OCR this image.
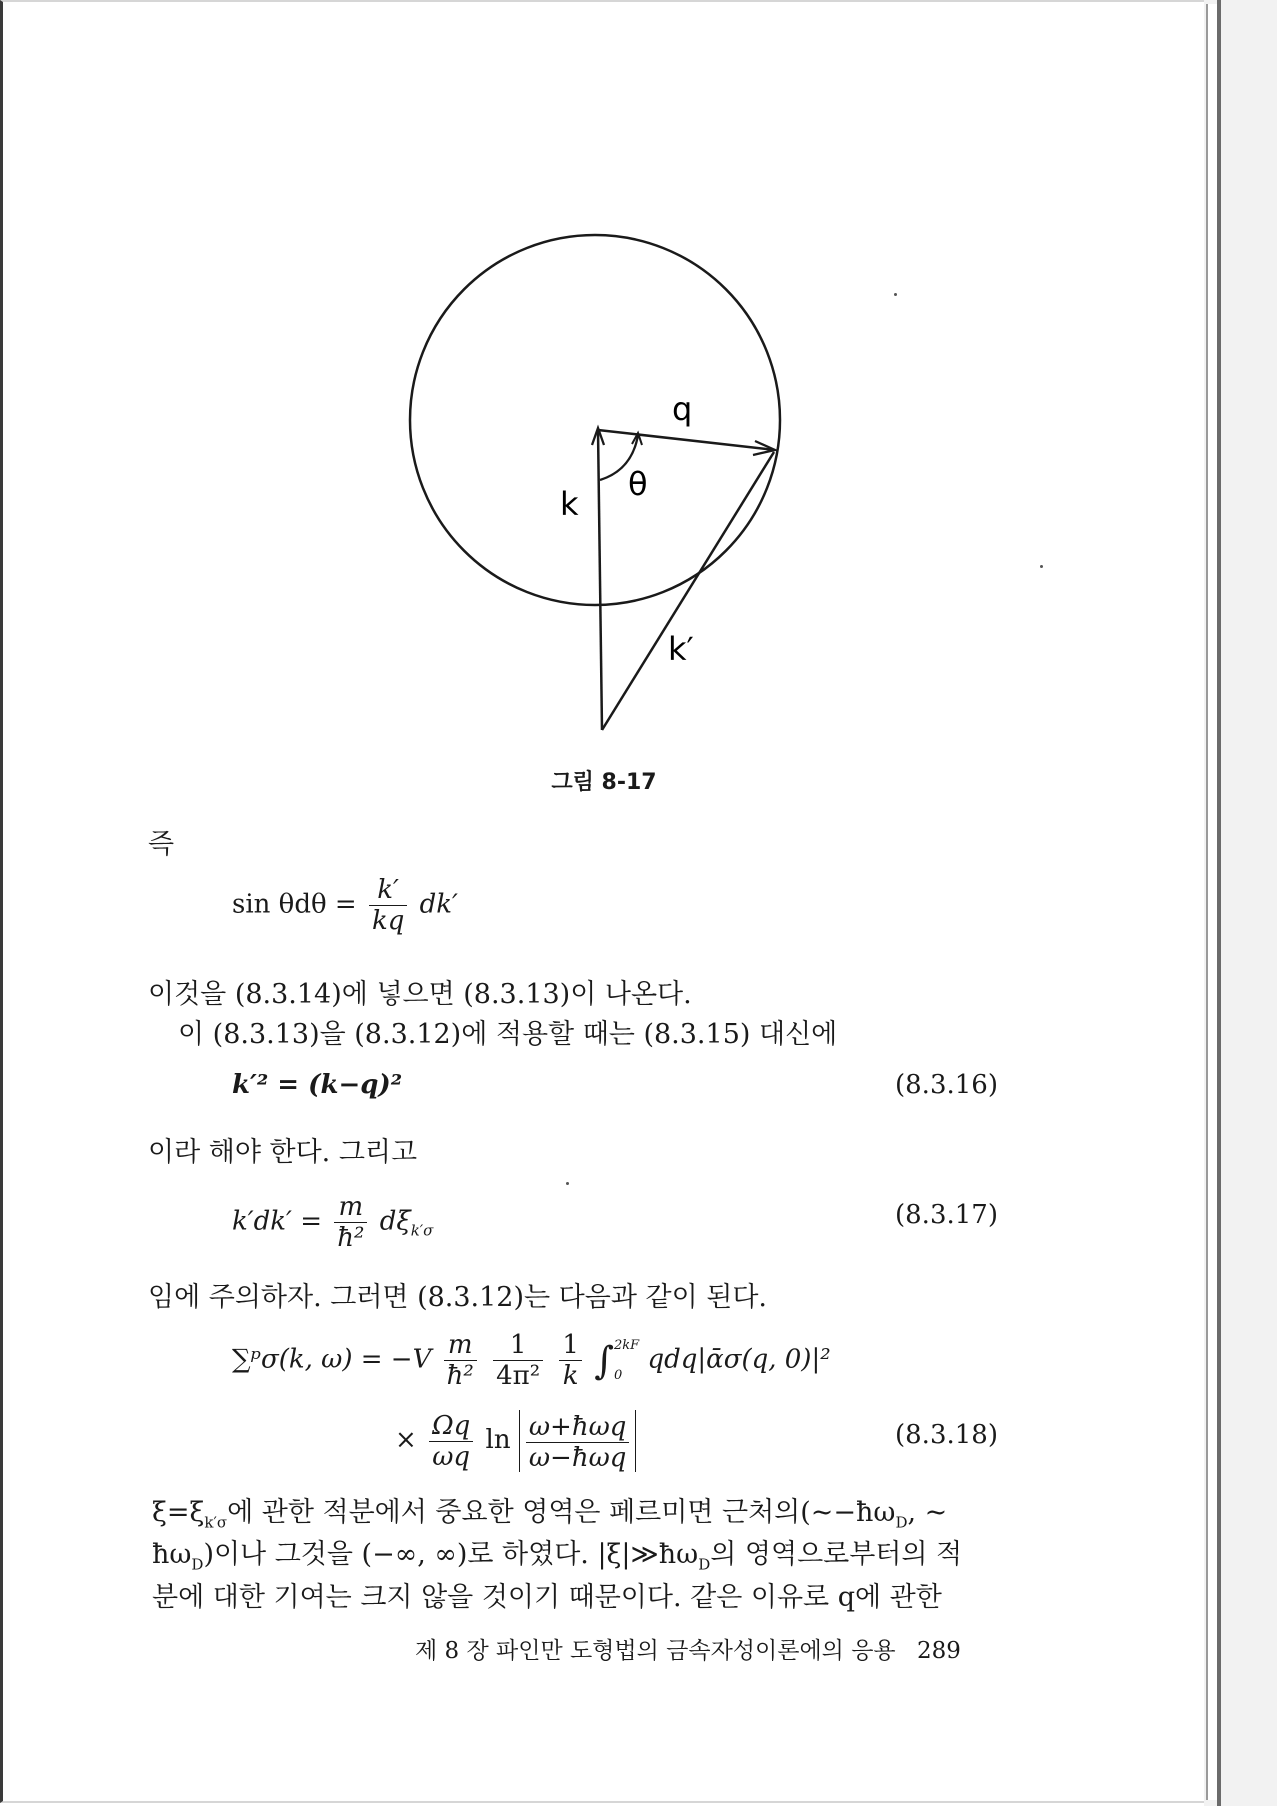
q
k
θ
k′
그림 8-17
즉
$\sin \theta d\theta = \frac{k'}{kq} dk'$
이것을 (8.3.14)에 넣으면 (8.3.13)이 나온다.
이 (8.3.13)을 (8.3.12)에 적용할 때는 (8.3.15) 대신에
k′² = (k−q)²	(8.3.16)
이라 해야 한다. 그리고
$k'dk' = \frac{m}{\text{ħ²}} d\xi_{k'\sigma}$
(8.3.17)
임에 주의하자. 그러면 (8.3.12)는 다음과 같이 된다.
∑ᵖσ(k, $\omega) = -V \frac{m}{\text{ħ²}}$
$\frac{1}{\text{4π²}}$
$\frac{1}{k}$ ∫ 2kF
0
qdq|ᾱσ(q, 0)|²
× $\frac{\Omega q}{\omega q}$ $\ln \frac{\text{ω+ħωq}}{\text{ω−ħωq}}$	(8.3.18)
$\xi=\xi_{k'\sigma}$에 관한 적분에서 중요한 영역은 페르미면 근처의($\sim-ħ\omega_D$, ~
$ħ\omega_D$)이나 그것을 (−∞, ∞)로 하였다. $|\xi|≫ħ\omega_D$의 영역으로부터의 적
분에 대한 기여는 크지 않을 것이기 때문이다. 같은 이유로 q에 관한
제 8 장 파인만 도형법의 금속자성이론에의 응용 289
